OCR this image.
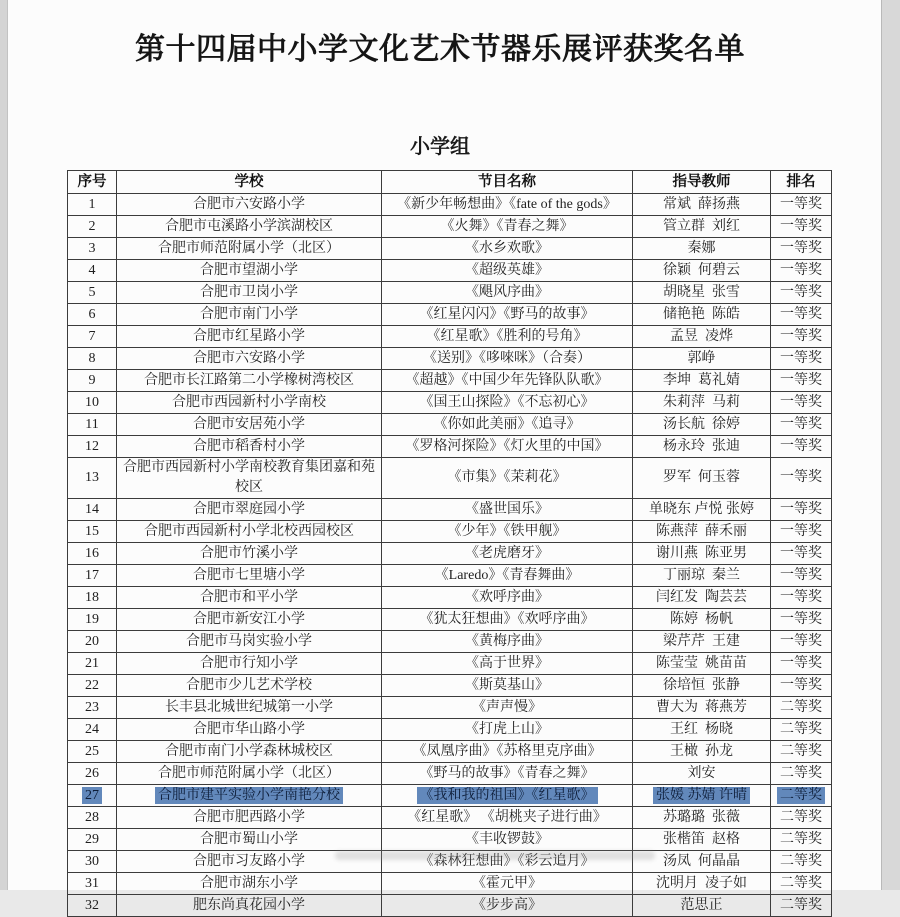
第十四届中小学文化艺术节器乐展评获奖名单
小学组
序号	学校	节目名称	指导教师	排名
1	合肥市六安路小学	《新少年畅想曲》《fate of the gods》	常斌  薛扬燕	一等奖
2	合肥市屯溪路小学滨湖校区	《火舞》《青春之舞》	管立群  刘红	一等奖
3	合肥市师范附属小学（北区）	《水乡欢歌》	秦娜	一等奖
4	合肥市望湖小学	《超级英雄》	徐颖  何碧云	一等奖
5	合肥市卫岗小学	《飓风序曲》	胡晓星  张雪	一等奖
6	合肥市南门小学	《红星闪闪》《野马的故事》	储艳艳  陈皓	一等奖
7	合肥市红星路小学	《红星歌》《胜利的号角》	孟昱  凌烨	一等奖
8	合肥市六安路小学	《送别》《哆唻咪》（合奏）	郭峥	一等奖
9	合肥市长江路第二小学橡树湾校区	《超越》《中国少年先锋队队歌》	李坤  葛礼婧	一等奖
10	合肥市西园新村小学南校	《国王山探险》《不忘初心》	朱莉萍  马莉	一等奖
11	合肥市安居苑小学	《你如此美丽》《追寻》	汤长航  徐婷	一等奖
12	合肥市稻香村小学	《罗格河探险》《灯火里的中国》	杨永玲  张迪	一等奖
13	合肥市西园新村小学南校教育集团嘉和苑校区	《市集》《茉莉花》	罗军  何玉蓉	一等奖
14	合肥市翠庭园小学	《盛世国乐》	单晓东 卢悦 张婷	一等奖
15	合肥市西园新村小学北校西园校区	《少年》《铁甲舰》	陈燕萍  薛禾丽	一等奖
16	合肥市竹溪小学	《老虎磨牙》	谢川燕  陈亚男	一等奖
17	合肥市七里塘小学	《Laredo》《青春舞曲》	丁丽琼  秦兰	一等奖
18	合肥市和平小学	《欢呼序曲》	闫红发  陶芸芸	一等奖
19	合肥市新安江小学	《犹太狂想曲》《欢呼序曲》	陈婷  杨帆	一等奖
20	合肥市马岗实验小学	《黄梅序曲》	梁芹芹  王建	一等奖
21	合肥市行知小学	《高于世界》	陈莹莹  姚苗苗	一等奖
22	合肥市少儿艺术学校	《斯莫基山》	徐培恒  张静	一等奖
23	长丰县北城世纪城第一小学	《声声慢》	曹大为  蒋燕芳	二等奖
24	合肥市华山路小学	《打虎上山》	王红  杨晓	二等奖
25	合肥市南门小学森林城校区	《凤凰序曲》《苏格里克序曲》	王橄  孙龙	二等奖
26	合肥市师范附属小学（北区）	《野马的故事》《青春之舞》	刘安	二等奖
27	合肥市建平实验小学南艳分校	《我和我的祖国》《红星歌》	张媛 苏婧 许晴	二等奖
28	合肥市肥西路小学	《红星歌》 《胡桃夹子进行曲》	苏璐璐  张薇	二等奖
29	合肥市蜀山小学	《丰收锣鼓》	张楷笛  赵格	二等奖
30	合肥市习友路小学	《森林狂想曲》《彩云追月》	汤凤  何晶晶	二等奖
31	合肥市湖东小学	《霍元甲》	沈明月  凌子如	二等奖
32	肥东尚真花园小学	《步步高》	范思正	二等奖
